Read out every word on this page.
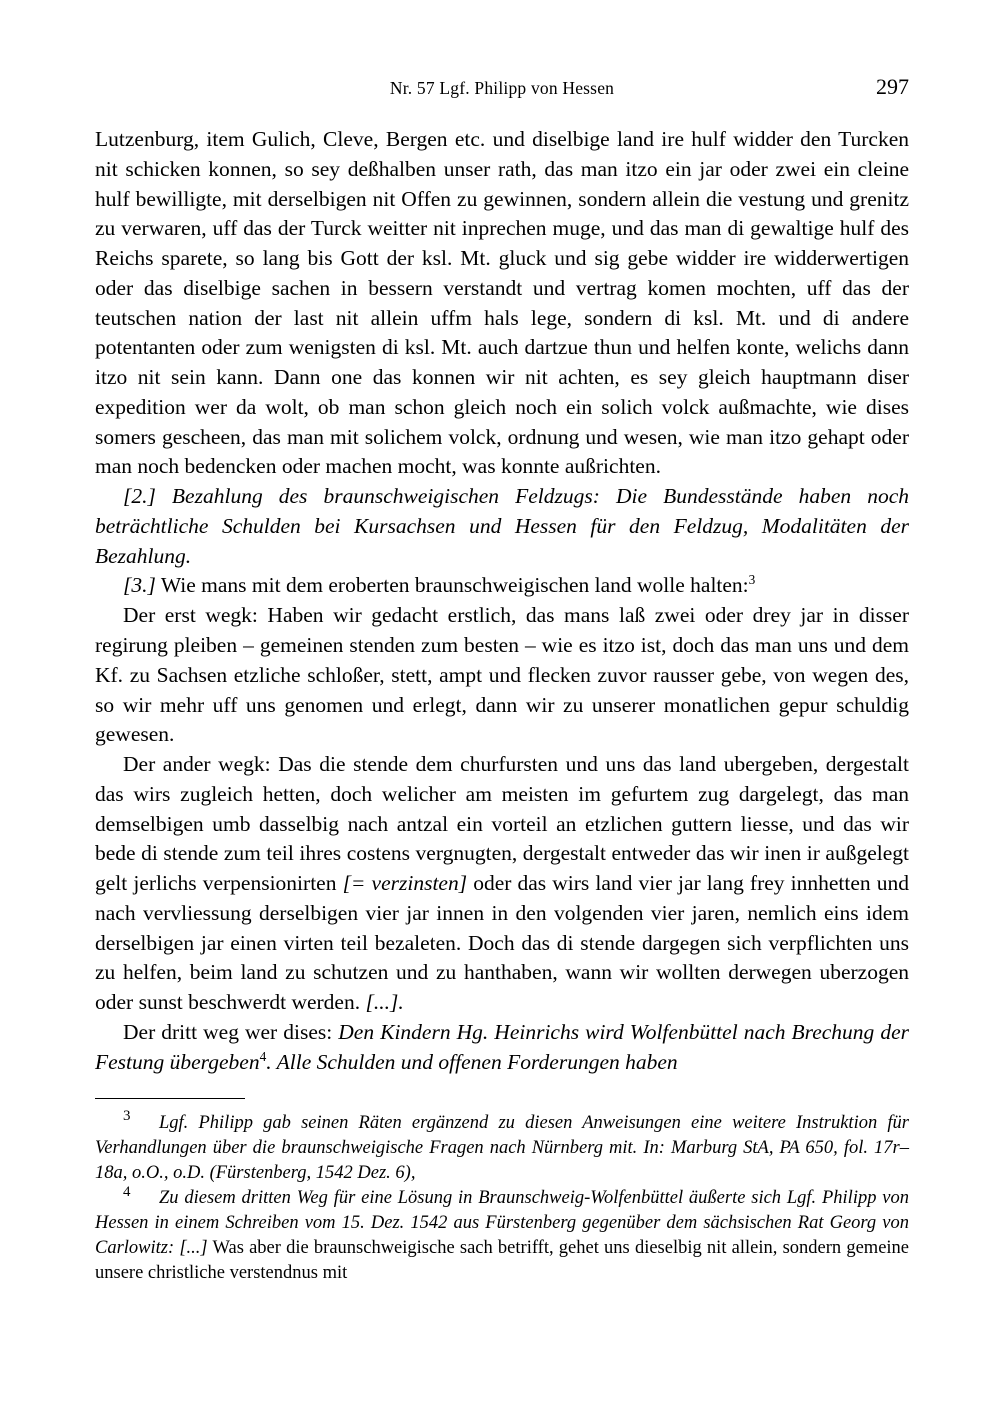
Nr. 57 Lgf. Philipp von Hessen	297

Lutzenburg, item Gulich, Cleve, Bergen etc. und diselbige land ire hulf widder den Turcken nit schicken konnen, so sey deßhalben unser rath, das man itzo ein jar oder zwei ein cleine hulf bewilligte, mit derselbigen nit Offen zu gewinnen, sondern allein die vestung und grenitz zu verwaren, uff das der Turck weitter nit inprechen muge, und das man di gewaltige hulf des Reichs sparete, so lang bis Gott der ksl. Mt. gluck und sig gebe widder ire widderwertigen oder das diselbige sachen in bessern verstandt und vertrag komen mochten, uff das der teutschen nation der last nit allein uffm hals lege, sondern di ksl. Mt. und di andere potentanten oder zum wenigsten di ksl. Mt. auch dartzue thun und helfen konte, welichs dann itzo nit sein kann. Dann one das konnen wir nit achten, es sey gleich hauptmann diser expedition wer da wolt, ob man schon gleich noch ein solich volck außmachte, wie dises somers gescheen, das man mit solichem volck, ordnung und wesen, wie man itzo gehapt oder man noch bedencken oder machen mocht, was konnte außrichten.

[2.] Bezahlung des braunschweigischen Feldzugs: Die Bundesstände haben noch beträchtliche Schulden bei Kursachsen und Hessen für den Feldzug, Modalitäten der Bezahlung.

[3.] Wie mans mit dem eroberten braunschweigischen land wolle halten:$^3$

Der erst wegk: Haben wir gedacht erstlich, das mans laß zwei oder drey jar in disser regirung pleiben – gemeinen stenden zum besten – wie es itzo ist, doch das man uns und dem Kf. zu Sachsen etzliche schloßer, stett, ampt und flecken zuvor rausser gebe, von wegen des, so wir mehr uff uns genomen und erlegt, dann wir zu unserer monatlichen gepur schuldig gewesen.

Der ander wegk: Das die stende dem churfursten und uns das land ubergeben, dergestalt das wirs zugleich hetten, doch welicher am meisten im gefurtem zug dargelegt, das man demselbigen umb dasselbig nach antzal ein vorteil an etzlichen guttern liesse, und das wir bede di stende zum teil ihres costens vergnugten, dergestalt entweder das wir inen ir außgelegt gelt jerlichs verpensionirten [= verzinsten] oder das wirs land vier jar lang frey innhetten und nach vervliessung derselbigen vier jar innen in den volgenden vier jaren, nemlich eins idem derselbigen jar einen virten teil bezaleten. Doch das di stende dargegen sich verpflichten uns zu helfen, beim land zu schutzen und zu hanthaben, wann wir wollten derwegen uberzogen oder sunst beschwerdt werden. [...].

Der dritt weg wer dises: Den Kindern Hg. Heinrichs wird Wolfenbüttel nach Brechung der Festung übergeben$^4$. Alle Schulden und offenen Forderungen haben

3 Lgf. Philipp gab seinen Räten ergänzend zu diesen Anweisungen eine weitere Instruktion für Verhandlungen über die braunschweigische Fragen nach Nürnberg mit. In: Marburg StA, PA 650, fol. 17r–18a, o.O., o.D. (Fürstenberg, 1542 Dez. 6),

4 Zu diesem dritten Weg für eine Lösung in Braunschweig-Wolfenbüttel äußerte sich Lgf. Philipp von Hessen in einem Schreiben vom 15. Dez. 1542 aus Fürstenberg gegenüber dem sächsischen Rat Georg von Carlowitz: [...] Was aber die braunschweigische sach betrifft, gehet uns dieselbig nit allein, sondern gemeine unsere christliche verstendnus mit
